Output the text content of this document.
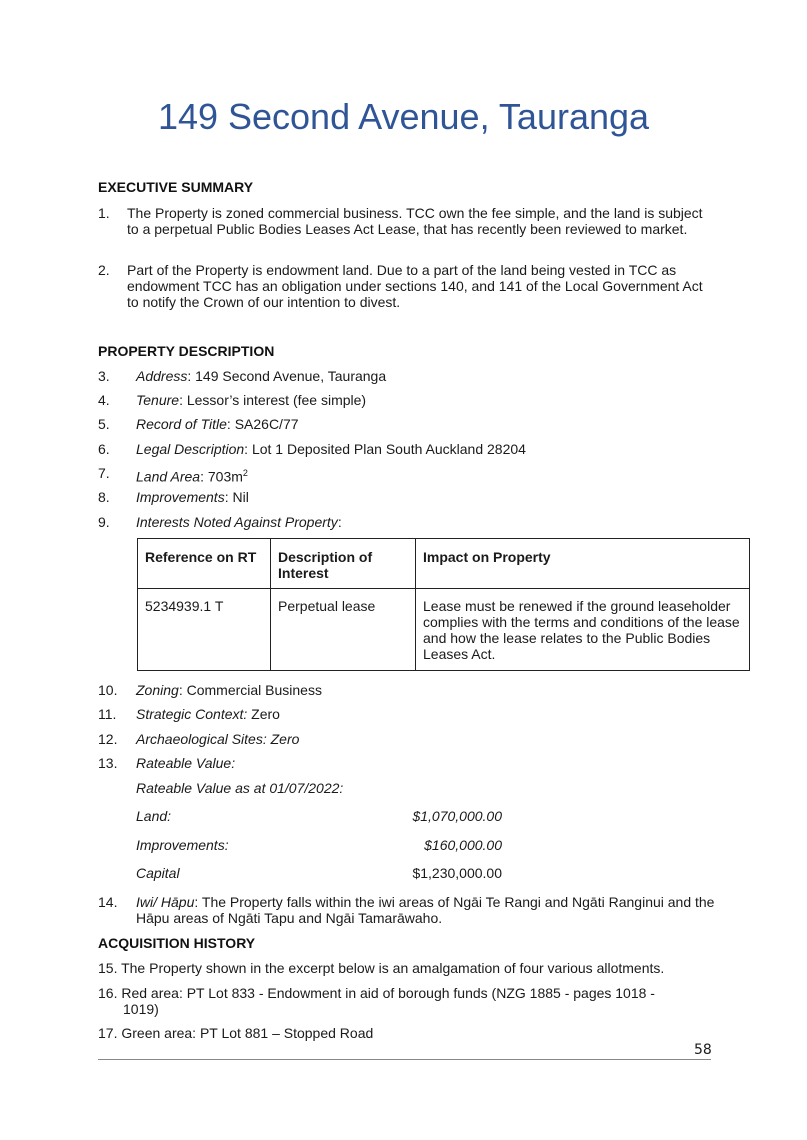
149 Second Avenue, Tauranga
EXECUTIVE SUMMARY
1. The Property is zoned commercial business. TCC own the fee simple, and the land is subject to a perpetual Public Bodies Leases Act Lease, that has recently been reviewed to market.
2. Part of the Property is endowment land. Due to a part of the land being vested in TCC as endowment TCC has an obligation under sections 140, and 141 of the Local Government Act to notify the Crown of our intention to divest.
PROPERTY DESCRIPTION
3. Address: 149 Second Avenue, Tauranga
4. Tenure: Lessor’s interest (fee simple)
5. Record of Title: SA26C/77
6. Legal Description: Lot 1 Deposited Plan South Auckland 28204
7. Land Area: $703m^2$
8. Improvements: Nil
9. Interests Noted Against Property:
Reference on RT	Description of Interest	Impact on Property
5234939.1 T	Perpetual lease	Lease must be renewed if the ground leaseholder complies with the terms and conditions of the lease and how the lease relates to the Public Bodies Leases Act.
10. Zoning: Commercial Business
11. Strategic Context: Zero
12. Archaeological Sites: Zero
13. Rateable Value:
Rateable Value as at 01/07/2022:
Land:	$1,070,000.00
Improvements:	$160,000.00
Capital	$1,230,000.00
14. Iwi/ Hāpu: The Property falls within the iwi areas of Ngāi Te Rangi and Ngāti Ranginui and the Hāpu areas of Ngāti Tapu and Ngāi Tamarāwaho.
ACQUISITION HISTORY
15. The Property shown in the excerpt below is an amalgamation of four various allotments.
16. Red area: PT Lot 833 - Endowment in aid of borough funds (NZG 1885 - pages 1018 - 1019)
17. Green area: PT Lot 881 – Stopped Road
58
